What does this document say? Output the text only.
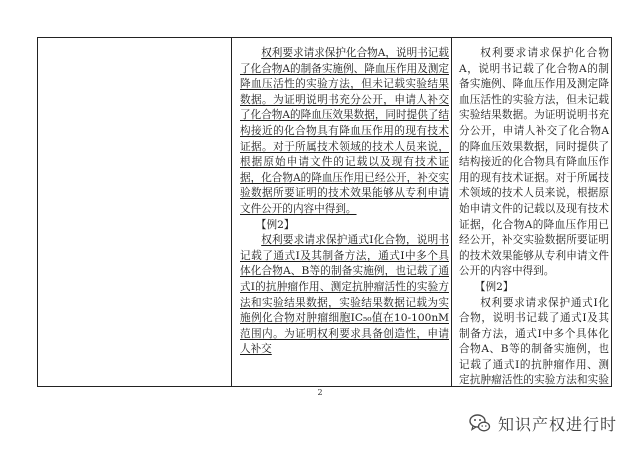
权利要求请求保护化合物A，说明书记载了化合物A的制备实施例、降血压作用及测定降血压活性的实验方法，但未记载实验结果数据。为证明说明书充分公开，申请人补交了化合物A的降血压效果数据，同时提供了结构接近的化合物具有降血压作用的现有技术证据。对于所属技术领域的技术人员来说，根据原始申请文件的记载以及现有技术证据，化合物A的降血压作用已经公开，补交实验数据所要证明的技术效果能够从专利申请文件公开的内容中得到。

【例2】

权利要求请求保护通式I化合物，说明书记载了通式I及其制备方法，通式I中多个具体化合物A、B等的制备实施例，也记载了通式I的抗肿瘤作用、测定抗肿瘤活性的实验方法和实验结果数据，实验结果数据记载为实施例化合物对肿瘤细胞IC₅₀值在10-100nM范围内。为证明权利要求具备创造性，申请人补交

权利要求请求保护化合物A，说明书记载了化合物A的制备实施例、降血压作用及测定降血压活性的实验方法，但未记载实验结果数据。为证明说明书充分公开，申请人补交了化合物A的降血压效果数据，同时提供了结构接近的化合物具有降血压作用的现有技术证据。对于所属技术领域的技术人员来说，根据原始申请文件的记载以及现有技术证据，化合物A的降血压作用已经公开，补交实验数据所要证明的技术效果能够从专利申请文件公开的内容中得到。

【例2】

权利要求请求保护通式I化合物，说明书记载了通式I及其制备方法，通式I中多个具体化合物A、B等的制备实施例，也记载了通式I的抗肿瘤作用、测定抗肿瘤活性的实验方法和实验

2
知识产权进行时
